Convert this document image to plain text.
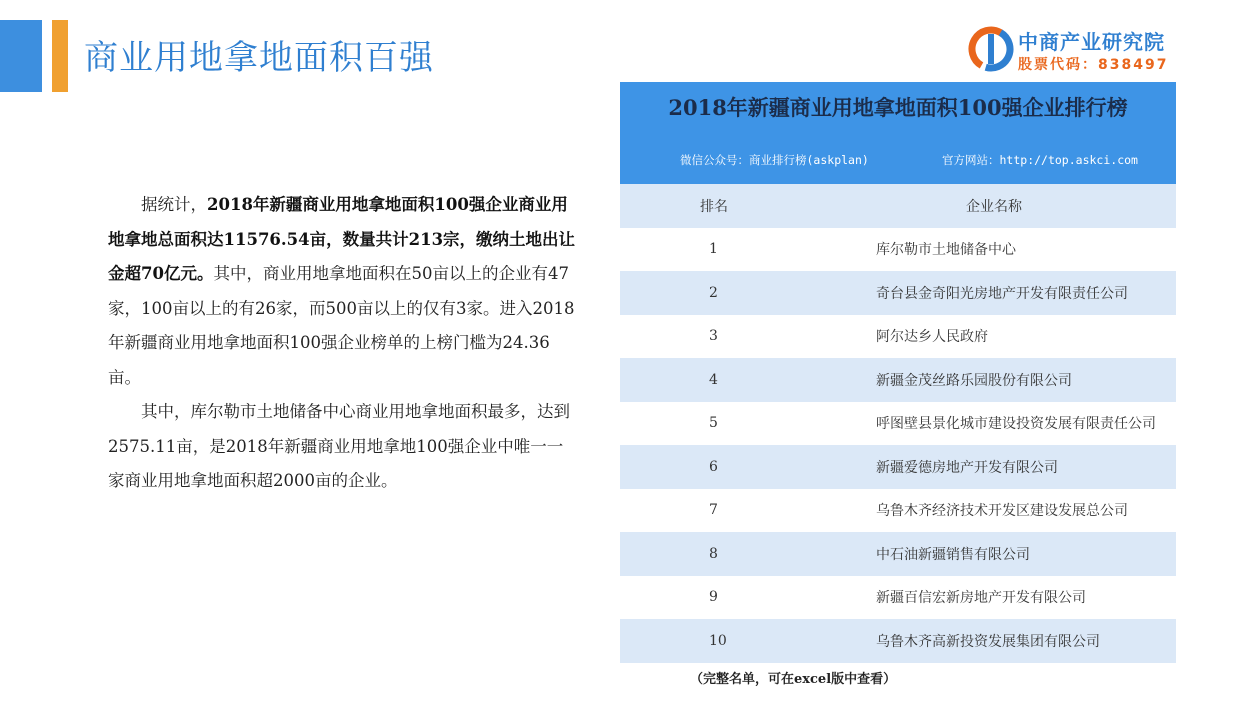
商业用地拿地面积百强	中商产业研究院
股票代码：838497

据统计，2018年新疆商业用地拿地面积100强企业商业用地拿地总面积达11576.54亩，数量共计213宗，缴纳土地出让金超70亿元。其中，商业用地拿地面积在50亩以上的企业有47家，100亩以上的有26家，而500亩以上的仅有3家。进入2018年新疆商业用地拿地面积100强企业榜单的上榜门槛为24.36亩。

其中，库尔勒市土地储备中心商业用地拿地面积最多，达到2575.11亩，是2018年新疆商业用地拿地100强企业中唯一一家商业用地拿地面积超2000亩的企业。

2018年新疆商业用地拿地面积100强企业排行榜
微信公众号：商业排行榜(askplan)	官方网站：http://top.askci.com
排名	企业名称
1	库尔勒市土地储备中心
2	奇台县金奇阳光房地产开发有限责任公司
3	阿尔达乡人民政府
4	新疆金茂丝路乐园股份有限公司
5	呼图壁县景化城市建设投资发展有限责任公司
6	新疆爱德房地产开发有限公司
7	乌鲁木齐经济技术开发区建设发展总公司
8	中石油新疆销售有限公司
9	新疆百信宏新房地产开发有限公司
10	乌鲁木齐高新投资发展集团有限公司
（完整名单，可在excel版中查看）
